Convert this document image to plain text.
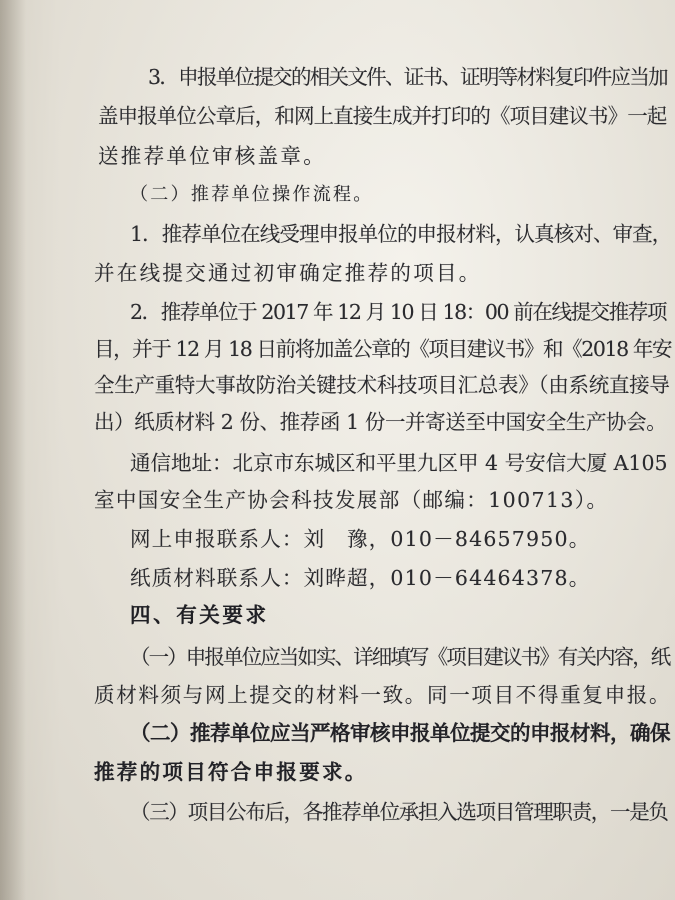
3．申报单位提交的相关文件、证书、证明等材料复印件应当加
盖申报单位公章后，和网上直接生成并打印的《项目建议书》一起
送推荐单位审核盖章。
（二）推荐单位操作流程。
1．推荐单位在线受理申报单位的申报材料，认真核对、审查，
并在线提交通过初审确定推荐的项目。
2．推荐单位于 2017 年 12 月 10 日 18：00 前在线提交推荐项
目，并于 12 月 18 日前将加盖公章的《项目建议书》和《2018 年安
全生产重特大事故防治关键技术科技项目汇总表》（由系统直接导
出）纸质材料 2 份、推荐函 1 份一并寄送至中国安全生产协会。
通信地址：北京市东城区和平里九区甲 4 号安信大厦 A105
室中国安全生产协会科技发展部（邮编：100713）。
网上申报联系人：刘　豫，010－84657950。
纸质材料联系人：刘晔超，010－64464378。
四、有关要求
（一）申报单位应当如实、详细填写《项目建议书》有关内容，纸
质材料须与网上提交的材料一致。同一项目不得重复申报。
（二）推荐单位应当严格审核申报单位提交的申报材料，确保
推荐的项目符合申报要求。
（三）项目公布后，各推荐单位承担入选项目管理职责，一是负
